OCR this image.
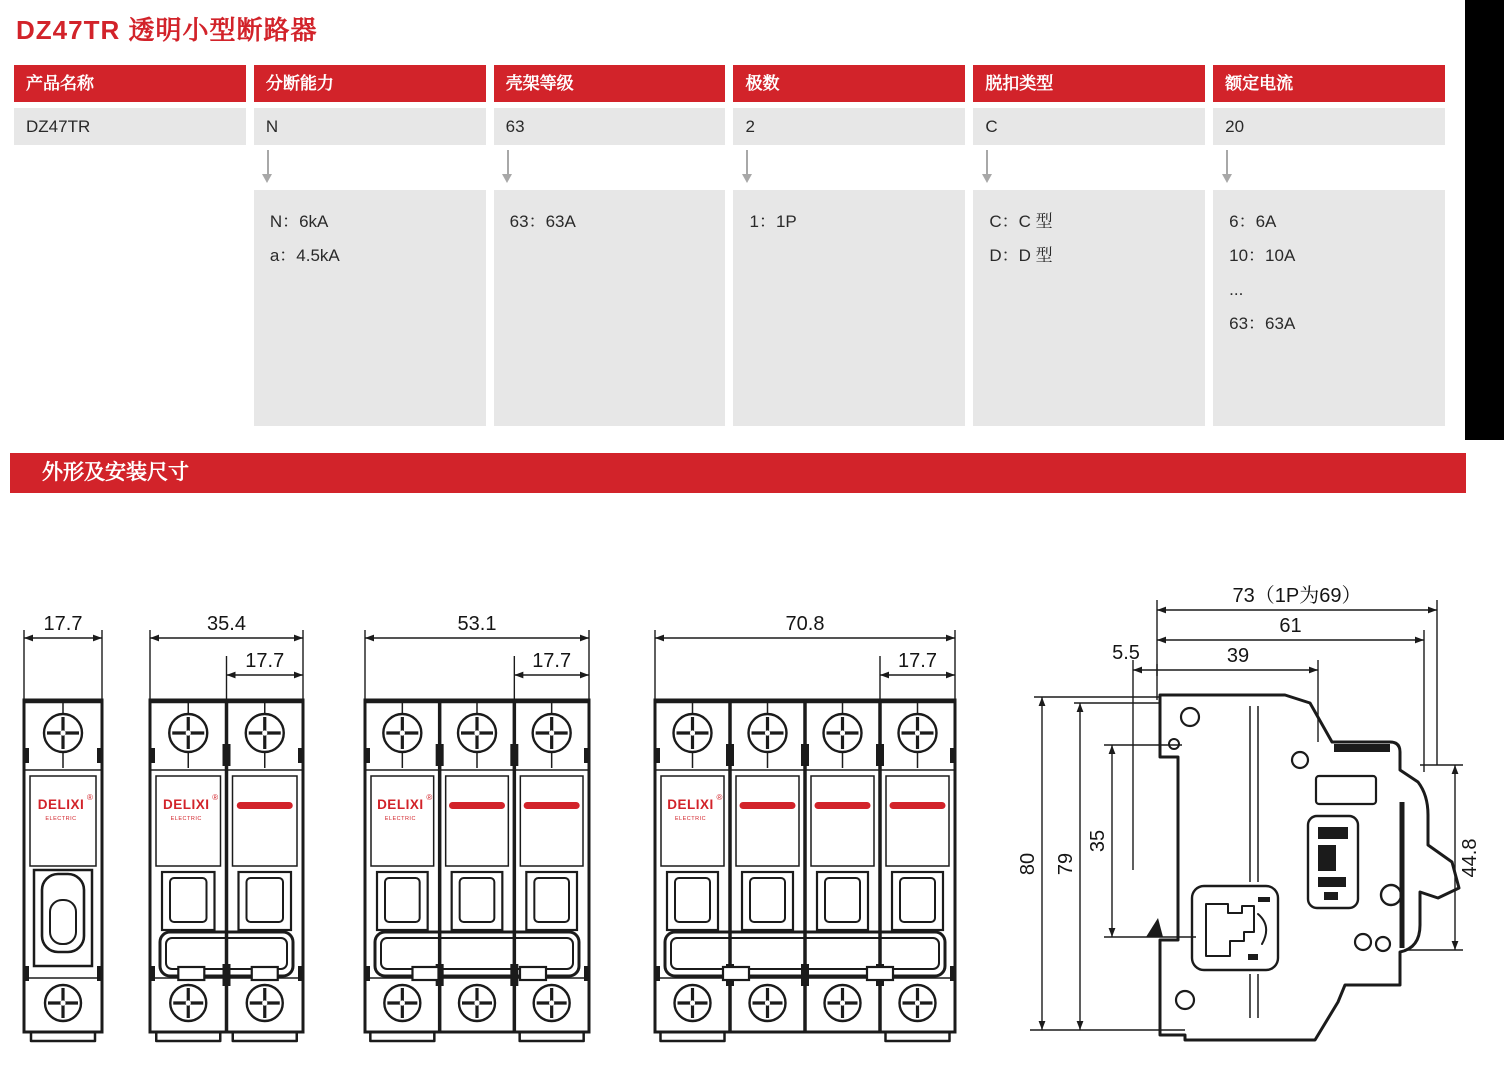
DZ47TR 透明小型断路器
产品名称
DZ47TR
分断能力
N
N：6kA
a：4.5kA
壳架等级
63
63：63A
极数
2
1：1P
脱扣类型
C
C：C 型
D：D 型
额定电流
20
6：6A
10：10A
...
63：63A
外形及安装尺寸
17.7
DELIXI ®
ELECTRIC
35.4
17.7
DELIXI ®
ELECTRIC
53.1
17.7
DELIXI ®
ELECTRIC
70.8
17.7
DELIXI ®
ELECTRIC
73（1P为69）
61
39
5.5
80 79
35	44.8
